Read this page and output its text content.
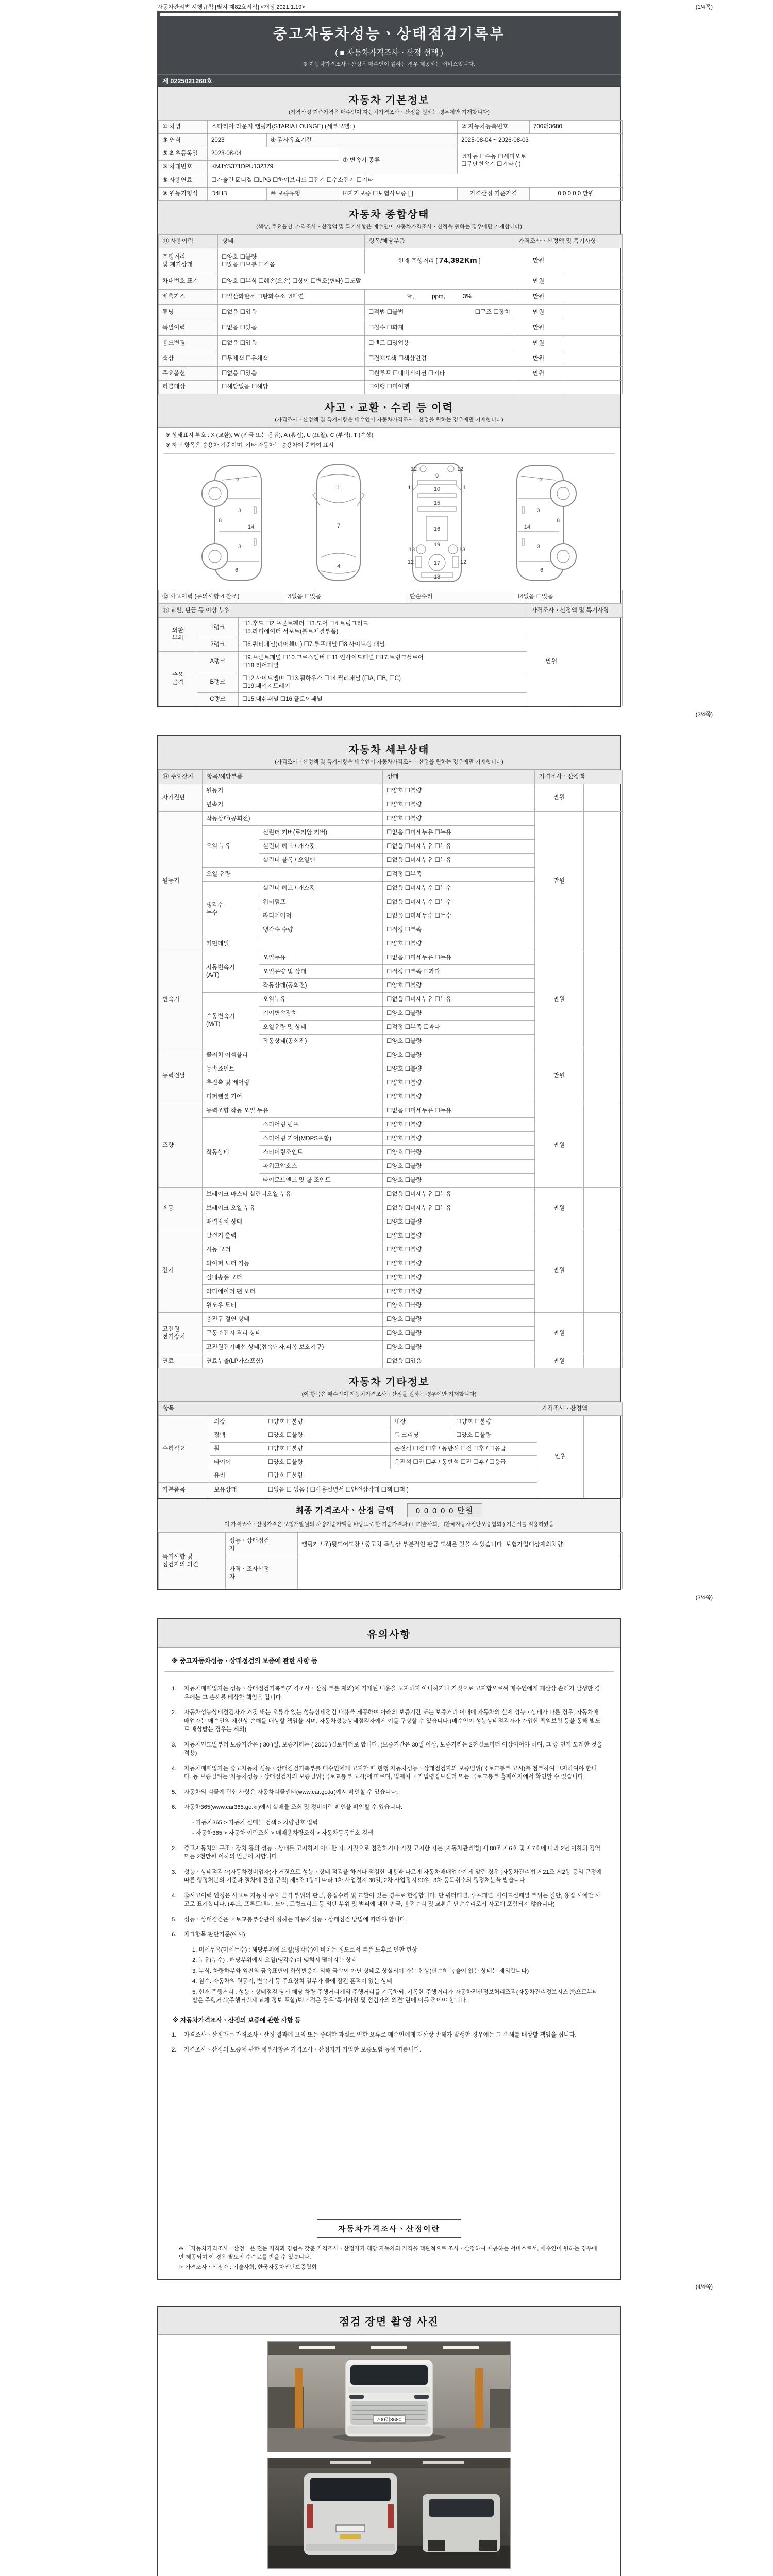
자동차관리법 시행규칙 [별지 제82호서식] <개정 2021.1.19>	(1/4쪽)
중고자동차성능ㆍ상태점검기록부
( ■ 자동차가격조사ㆍ산정 선택 )
※ 자동차가격조사ㆍ산정은 매수인이 원하는 경우 제공하는 서비스입니다.
제 0225021260호
자동차 기본정보
(가격산정 기준가격은 매수인이 자동차가격조사ㆍ산정을 원하는 경우에만 기재합니다)
① 차명	스타리아 라운지 캠핑카(STARIA LOUNGE) (세부모델: )			② 자동차등록번호	700러3680
③ 연식	2023	④ 검사유효기간		2025-08-04 ~ 2026-08-03	
⑤ 최초등록일	2023-08-04		⑦ 변속기 종류	☑자동 ☐수동 ☐세미오토
☐무단변속기 ☐기타 ( )	
⑥ 차대번호	KMJYS371DPU132379				
⑧ 사용연료	☐가솔린 ☑디젤 ☐LPG ☐하이브리드 ☐전기 ☐수소전기 ☐기타				
⑨ 원동기형식	D4HB	⑩ 보증유형	☑자가보증 ☐보험사보증 [ ]	가격산정 기준가격	0 0 0 0 0 만원
자동차 종합상태
(색상, 주요옵션, 가격조사ㆍ산정액 및 특기사항은 매수인이 자동차가격조사ㆍ산정을 원하는 경우에만 기재합니다)
⑪ 사용이력	상태	항목/해당부품	가격조사ㆍ산정액 및 특기사항	
주행거리
및 계기상태	☐양호 ☐불량
☐많음 ☐보통 ☐적음	현재 주행거리 [ 74,392Km ]	만원	
차대번호 표기	☐양호 ☐부식 ☐훼손(오손) ☐상이 ☐변조(변타) ☐도말		만원	
배출가스	☐일산화탄소 ☐탄화수소 ☑매연	%,   ppm,   3%	만원	
튜닝	☐없음 ☐있음	☐적법 ☐불법 ☐구조 ☐장치	만원	
특별이력	☐없음 ☐있음	☐침수 ☐화재	만원	
용도변경	☐없음 ☐있음	☐렌트 ☐영업용	만원	
색상	☐무채색 ☐유채색	☐전체도색 ☐색상변경	만원	
주요옵션	☐없음 ☐있음	☐썬루프 ☐네비게이션 ☐기타	만원	
리콜대상	☐해당없음 ☐해당	☐이행 ☐미이행		
사고ㆍ교환ㆍ수리 등 이력
(가격조사ㆍ산정액 및 특기사항은 매수인이 자동차가격조사ㆍ산정을 원하는 경우에만 기재합니다)
※ 상태표시 부호 : X (교환), W (판금 또는 용접), A (흠집), U (요철), C (부식), T (손상)
※ 하단 항목은 승용차 기준이며, 기타 자동차는 승용차에 준하여 표시
2
8
3
14
3
6
1
7
4
11	11
9
10
12	12
15
16
13	13
19
17
12	12
18
2
8
3
14
3
6
⑫ 사고이력 (유의사항 4.참조)	☑없음 ☐있음	단순수리	☑없음 ☐있음
⑬ 교환, 판금 등 이상 부위			가격조사ㆍ산정액 및 특기사항	
외판
부위	1랭크	☐1.후드 ☐2.프론트휀더 ☐3.도어 ☐4.트렁크리드
☐5.라디에이터 서포트(볼트체결부품)	만원	
	2랭크	☐6.쿼터패널(리어휀더) ☐7.루프패널 ☐8.사이드실 패널		
주요
골격	A랭크	☐9.프론트패널 ☐10.크로스멤버 ☐11.인사이드패널 ☐17.트렁크플로어
☐18.리어패널		
	B랭크	☐12.사이드멤버 ☐13.휠하우스 ☐14.필러패널 (☐A, ☐B, ☐C)
☐19.패키지트레이		
	C랭크	☐15.대쉬패널 ☐16.플로어패널		
(2/4쪽)
자동차 세부상태
(가격조사ㆍ산정액 및 특기사항은 매수인이 자동차가격조사ㆍ산정을 원하는 경우에만 기재합니다)
⑭ 주요장치	항목/해당부품		상태	가격조사ㆍ산정액	
자기진단	원동기		☐양호 ☐불량	만원	
	변속기		☐양호 ☐불량		
원동기	작동상태(공회전)		☐양호 ☐불량	만원	
	오일 누유	실린더 커버(로커암 커버)	☐없음 ☐미세누유 ☐누유		
		실린더 헤드 / 개스킷	☐없음 ☐미세누유 ☐누유		
		실린더 블록 / 오일팬	☐없음 ☐미세누유 ☐누유		
	오일 유량		☐적정 ☐부족		
	냉각수
누수	실린더 헤드 / 개스킷	☐없음 ☐미세누수 ☐누수		
		워터펌프	☐없음 ☐미세누수 ☐누수		
		라디에이터	☐없음 ☐미세누수 ☐누수		
		냉각수 수량	☐적정 ☐부족		
	커먼레일		☐양호 ☐불량		
변속기	자동변속기
(A/T)	오일누유	☐없음 ☐미세누유 ☐누유	만원	
		오일유량 및 상태	☐적정 ☐부족 ☐과다		
		작동상태(공회전)	☐양호 ☐불량		
	수동변속기
(M/T)	오일누유	☐없음 ☐미세누유 ☐누유		
		기어변속장치	☐양호 ☐불량		
		오일유량 및 상태	☐적정 ☐부족 ☐과다		
		작동상태(공회전)	☐양호 ☐불량		
동력전달	클러치 어셈블리		☐양호 ☐불량	만원	
	등속죠인트		☐양호 ☐불량		
	추진축 및 베어링		☐양호 ☐불량		
	디퍼렌셜 기어		☐양호 ☐불량		
조향	동력조향 작동 오일 누유		☐없음 ☐미세누유 ☐누유	만원	
	작동상태	스티어링 펌프	☐양호 ☐불량		
		스티어링 기어(MDPS포함)	☐양호 ☐불량		
		스티어링조인트	☐양호 ☐불량		
		파워고압호스	☐양호 ☐불량		
		타이로드엔드 및 볼 조인트	☐양호 ☐불량		
제동	브레이크 마스터 실린더오일 누유		☐없음 ☐미세누유 ☐누유	만원	
	브레이크 오일 누유		☐없음 ☐미세누유 ☐누유		
	배력장치 상태		☐양호 ☐불량		
전기	발전기 출력		☐양호 ☐불량	만원	
	시동 모터		☐양호 ☐불량		
	와이퍼 모터 기능		☐양호 ☐불량		
	실내송풍 모터		☐양호 ☐불량		
	라디에이터 팬 모터		☐양호 ☐불량		
	윈도우 모터		☐양호 ☐불량		
고전원
전기장치	충전구 절연 상태		☐양호 ☐불량	만원	
	구동축전지 격리 상태		☐양호 ☐불량		
	고전원전기배선 상태(접속단자,피복,보호기구)		☐양호 ☐불량		
연료	연료누출(LP가스포함)		☐없음 ☐있음	만원	
자동차 기타정보
(이 항목은 매수인이 자동차가격조사ㆍ산정을 원하는 경우에만 기재합니다)
항목					가격조사ㆍ산정액	
수리필요	외장	☐양호 ☐불량	내장	☐양호 ☐불량	만원	
	광택	☐양호 ☐불량	룸 크리닝	☐양호 ☐불량		
	휠	☐양호 ☐불량	운전석 ☐전 ☐후 / 동반석 ☐전 ☐후 / ☐응급			
	타이어	☐양호 ☐불량	운전석 ☐전 ☐후 / 동반석 ☐전 ☐후 / ☐응급			
	유리	☐양호 ☐불량				
기본품목	보유상태	☐없음 ☐ 있음 ( ☐사용설명서 ☐안전삼각대 ☐잭 ☐잭 )				
최종 가격조사ㆍ산정 금액	0 0 0 0 0 만원
이 가격조사ㆍ산정가격은 보험개발원의 차량기준가액을 바탕으로 한 기준가격과 ( ☐기술사회, ☐한국자동차진단보증협회 ) 기준서를 적용하였음
특기사항 및
점검자의 의견	성능ㆍ상태점검
자	캠핑카 / 조)뒷도어도장 / 중고차 특성상 부분적인 판금 도색은 있을 수 있습니다. 보험가입대상제외차량.
	가격ㆍ조사산정
자	
(3/4쪽)
유의사항
※ 중고자동차성능ㆍ상태점검의 보증에 관한 사항 등
1.	자동차매매업자는 성능ㆍ상태점검기록부(가격조사ㆍ산정 부분 제외)에 기재된 내용을 고지하지 아니하거나 거짓으로 고지함으로써 매수인에게 재산상 손해가 발생한 경우에는 그 손해를 배상할 책임을 집니다.
2.	자동차성능상태점검자가 거짓 또는 오류가 있는 성능상태점검 내용을 제공하여 아래의 보증기간 또는 보증거리 이내에 자동차의 실제 성능ㆍ상태가 다른 경우, 자동차매매업자는 매수인의 재산상 손해를 배상할 책임을 지며, 자동차성능상태점검자에게 이를 구상할 수 있습니다.(매수인이 성능상태점검자가 가입한 책임보험 등을 통해 별도로 배상받는 경우는 제외)
3.	자동차인도일부터 보증기간은 ( 30 )일, 보증거리는 ( 2000 )킬로미터로 합니다. (보증기간은 30일 이상, 보증거리는 2천킬로미터 이상이어야 하며, 그 중 먼저 도래한 것을 적용)
4.	자동차매매업자는 중고자동차 성능ㆍ상태점검기록부를 매수인에게 고지할 때 현행 자동차성능ㆍ상태점검자의 보증범위(국토교통부 고시)를 첨부하여 고지하여야 합니다. 동 보증범위는 '자동차성능ㆍ상태점검자의 보증범위'(국토교통부 고시)에 따르며, 법제처 국가법령정보센터 또는 국토교통부 홈페이지에서 확인할 수 있습니다.
5.	자동차의 리콜에 관한 사항은 자동차리콜센터(www.car.go.kr)에서 확인할 수 있습니다.
6.	자동차365(www.car365.go.kr)에서 실매물 조회 및 정비이력 확인을 확인할 수 있습니다.
- 자동차365 > 자동차 실매물 검색 > 차량번호 입력
- 자동차365 > 자동차 이력조회 > 매매용차량조회 > 자동차등록번호 검색
2.	중고자동차의 구조ㆍ장치 등의 성능ㆍ상태를 고지하지 아니한 자, 거짓으로 점검하거나 거짓 고지한 자는 [자동차관리법] 제 80조 제6호 및 제7호에 따라 2년 이하의 징역 또는 2천만원 이하의 벌금에 처합니다.
3.	성능ㆍ상태점검자(자동차정비업자)가 거짓으로 성능ㆍ상태 점검을 하거나 점검한 내용과 다르게 자동차매매업자에게 알린 경우 [자동차관리법 제21조 제2항 등의 규정에 따른 행정처분의 기준과 절차에 관한 규칙] 제5조 1항에 따라 1차 사업정지 30일, 2차 사업정지 90일, 3차 등록취소의 행정처분을 받습니다.
4.	⑫사고이력 인정은 사고로 자동차 주요 골격 부위의 판금, 용접수리 및 교환이 있는 경우로 한정합니다. 단 쿼터패널, 루프패널, 사이드실패널 부위는 절단, 용접 시에만 사고로 표기합니다. (후드, 프론트펜더, 도어, 트렁크리드 등 외판 부위 및 범퍼에 대한 판금, 용접수리 및 교환은 단순수리로서 사고에 포함되지 않습니다)
5.	성능ㆍ상태점검은 국토교통부장관이 정하는 자동차성능ㆍ상태점검 방법에 따라야 합니다.
6.	체크항목 판단기준(예시)
1. 미세누유(미세누수) : 해당부위에 오일(냉각수)이 비치는 정도로서 부품 노후로 인한 현상
2. 누유(누수) : 해당부위에서 오일(냉각수)이 맺혀서 떨어지는 상태
3. 부식: 차량하부와 외판의 금속표면이 화학반응에 의해 금속이 아닌 상태로 상실되어 가는 현상(단순히 녹슬어 있는 상태는 제외합니다)
4. 침수: 자동차의 원동기, 변속기 등 주요장치 일부가 물에 잠긴 흔적이 있는 상태
5. 현재 주행거리 : 성능ㆍ상태점검 당시 해당 차량 주행거리계의 주행거리를 기록하되, 기록한 주행거리가 자동차전산정보처리조직(자동차관리정보시스템)으로부터 받은 주행거리(주행거리계 교체 정보 포함)보다 적은 경우 '특기사항 및 점검자의 의견' 란에 이를 적어야 합니다.
※ 자동차가격조사ㆍ산정의 보증에 관한 사항 등
1.	가격조사ㆍ산정자는 가격조사ㆍ산정 결과에 고의 또는 중대한 과실로 인한 오류로 매수인에게 재산상 손해가 발생한 경우에는 그 손해를 배상할 책임을 집니다.
2.	가격조사ㆍ산정의 보증에 관한 세부사항은 가격조사ㆍ산정자가 가입한 보증보험 등에 따릅니다.
자동차가격조사ㆍ산정이란
※ 「자동차가격조사ㆍ산정」은 전문 지식과 경험을 갖춘 가격조사ㆍ산정자가 해당 자동차의 가격을 객관적으로 조사ㆍ산정하여 제공하는 서비스로서, 매수인이 원하는 경우에만 제공되며 이 경우 별도의 수수료를 받을 수 있습니다.
☞ 가격조사ㆍ산정자 : 기술사회, 한국자동차진단보증협회
(4/4쪽)
점검 장면 촬영 사진
700러3680
